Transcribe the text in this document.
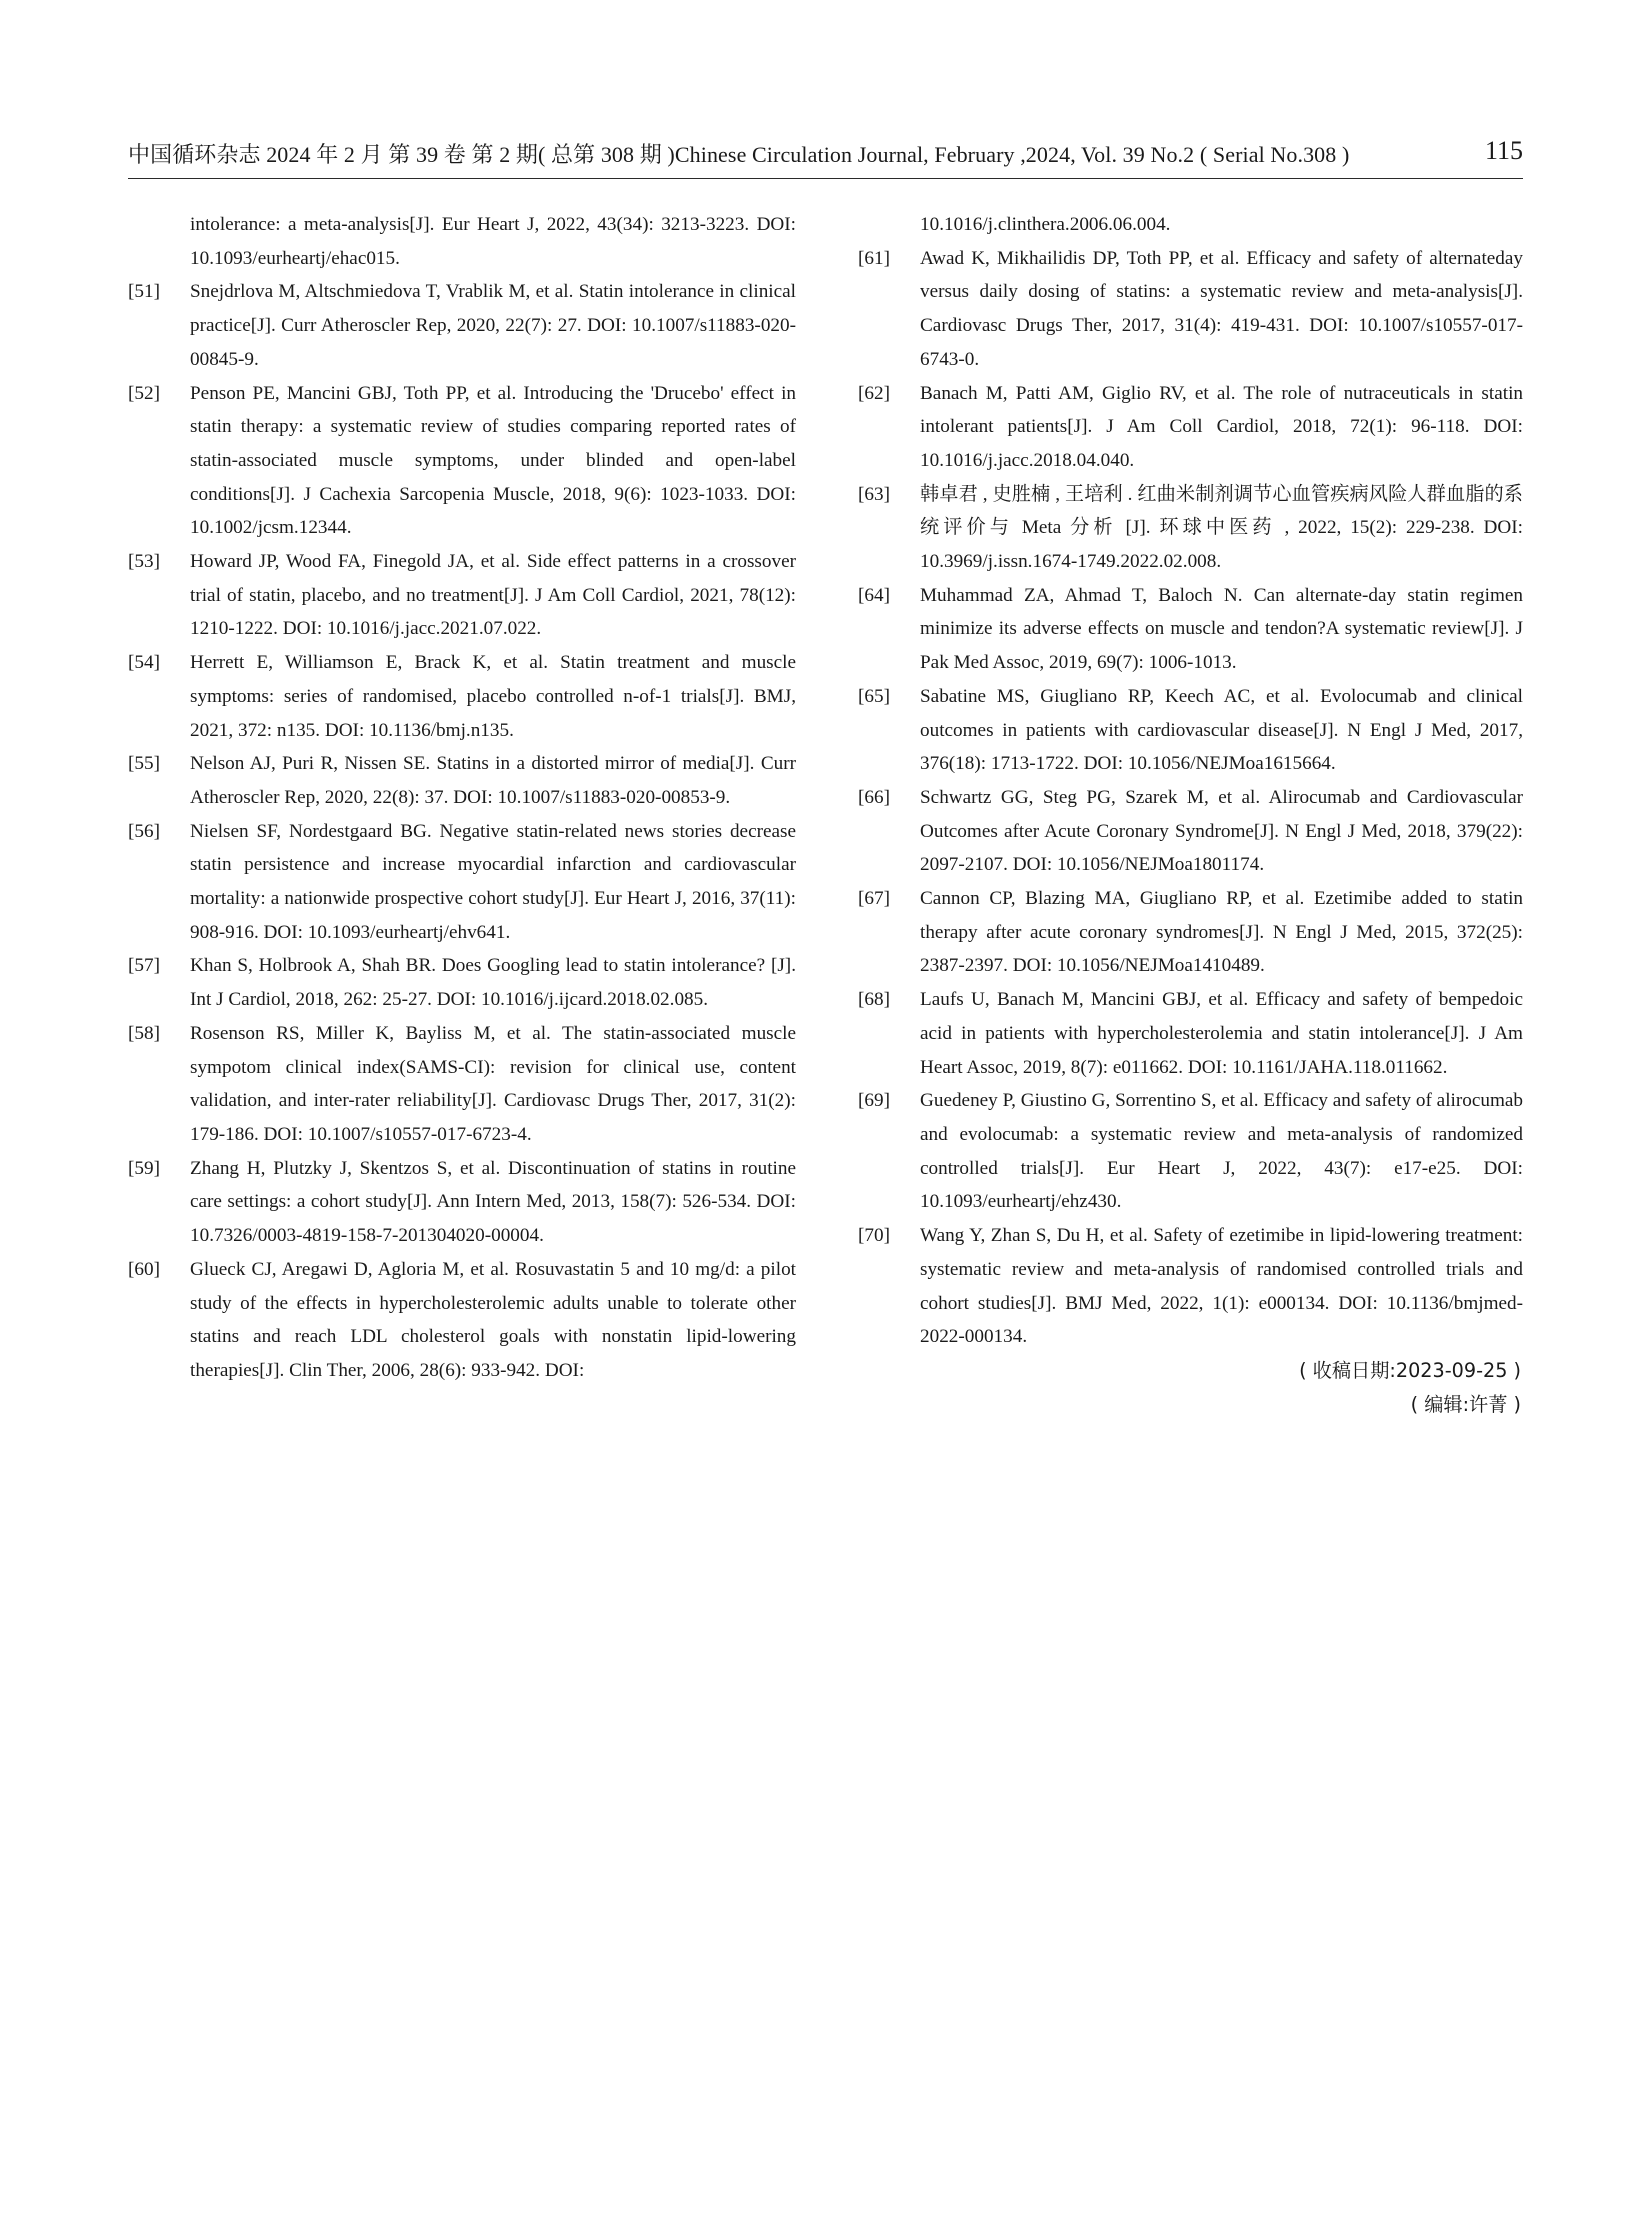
中国循环杂志 2024 年 2 月 第 39 卷 第 2 期( 总第 308 期 )Chinese Circulation Journal, February ,2024, Vol. 39 No.2 ( Serial No.308 )	115
intolerance: a meta-analysis[J]. Eur Heart J, 2022, 43(34): 3213-3223. DOI: 10.1093/eurheartj/ehac015.
[51] Snejdrlova M, Altschmiedova T, Vrablik M, et al. Statin intolerance in clinical practice[J]. Curr Atheroscler Rep, 2020, 22(7): 27. DOI: 10.1007/s11883-020-00845-9.
[52] Penson PE, Mancini GBJ, Toth PP, et al. Introducing the 'Drucebo' effect in statin therapy: a systematic review of studies comparing reported rates of statin-associated muscle symptoms, under blinded and open-label conditions[J]. J Cachexia Sarcopenia Muscle, 2018, 9(6): 1023-1033. DOI: 10.1002/jcsm.12344.
[53] Howard JP, Wood FA, Finegold JA, et al. Side effect patterns in a crossover trial of statin, placebo, and no treatment[J]. J Am Coll Cardiol, 2021, 78(12): 1210-1222. DOI: 10.1016/j.jacc.2021.07.022.
[54] Herrett E, Williamson E, Brack K, et al. Statin treatment and muscle symptoms: series of randomised, placebo controlled n-of-1 trials[J]. BMJ, 2021, 372: n135. DOI: 10.1136/bmj.n135.
[55] Nelson AJ, Puri R, Nissen SE. Statins in a distorted mirror of media[J]. Curr Atheroscler Rep, 2020, 22(8): 37. DOI: 10.1007/s11883-020-00853-9.
[56] Nielsen SF, Nordestgaard BG. Negative statin-related news stories decrease statin persistence and increase myocardial infarction and cardiovascular mortality: a nationwide prospective cohort study[J]. Eur Heart J, 2016, 37(11): 908-916. DOI: 10.1093/eurheartj/ehv641.
[57] Khan S, Holbrook A, Shah BR. Does Googling lead to statin intolerance? [J]. Int J Cardiol, 2018, 262: 25-27. DOI: 10.1016/j.ijcard.2018.02.085.
[58] Rosenson RS, Miller K, Bayliss M, et al. The statin-associated muscle sympotom clinical index(SAMS-CI): revision for clinical use, content validation, and inter-rater reliability[J]. Cardiovasc Drugs Ther, 2017, 31(2): 179-186. DOI: 10.1007/s10557-017-6723-4.
[59] Zhang H, Plutzky J, Skentzos S, et al. Discontinuation of statins in routine care settings: a cohort study[J]. Ann Intern Med, 2013, 158(7): 526-534. DOI: 10.7326/0003-4819-158-7-201304020-00004.
[60] Glueck CJ, Aregawi D, Agloria M, et al. Rosuvastatin 5 and 10 mg/d: a pilot study of the effects in hypercholesterolemic adults unable to tolerate other statins and reach LDL cholesterol goals with nonstatin lipid-lowering therapies[J]. Clin Ther, 2006, 28(6): 933-942. DOI:
10.1016/j.clinthera.2006.06.004.
[61] Awad K, Mikhailidis DP, Toth PP, et al. Efficacy and safety of alternateday versus daily dosing of statins: a systematic review and meta-analysis[J]. Cardiovasc Drugs Ther, 2017, 31(4): 419-431. DOI: 10.1007/s10557-017-6743-0.
[62] Banach M, Patti AM, Giglio RV, et al. The role of nutraceuticals in statin intolerant patients[J]. J Am Coll Cardiol, 2018, 72(1): 96-118. DOI: 10.1016/j.jacc.2018.04.040.
[63] 韩卓君 , 史胜楠 , 王培利 . 红曲米制剂调节心血管疾病风险人群血脂的系统评价与 Meta 分析 [J]. 环球中医药 , 2022, 15(2): 229-238. DOI: 10.3969/j.issn.1674-1749.2022.02.008.
[64] Muhammad ZA, Ahmad T, Baloch N. Can alternate-day statin regimen minimize its adverse effects on muscle and tendon?A systematic review[J]. J Pak Med Assoc, 2019, 69(7): 1006-1013.
[65] Sabatine MS, Giugliano RP, Keech AC, et al. Evolocumab and clinical outcomes in patients with cardiovascular disease[J]. N Engl J Med, 2017, 376(18): 1713-1722. DOI: 10.1056/NEJMoa1615664.
[66] Schwartz GG, Steg PG, Szarek M, et al. Alirocumab and Cardiovascular Outcomes after Acute Coronary Syndrome[J]. N Engl J Med, 2018, 379(22): 2097-2107. DOI: 10.1056/NEJMoa1801174.
[67] Cannon CP, Blazing MA, Giugliano RP, et al. Ezetimibe added to statin therapy after acute coronary syndromes[J]. N Engl J Med, 2015, 372(25): 2387-2397. DOI: 10.1056/NEJMoa1410489.
[68] Laufs U, Banach M, Mancini GBJ, et al. Efficacy and safety of bempedoic acid in patients with hypercholesterolemia and statin intolerance[J]. J Am Heart Assoc, 2019, 8(7): e011662. DOI: 10.1161/JAHA.118.011662.
[69] Guedeney P, Giustino G, Sorrentino S, et al. Efficacy and safety of alirocumab and evolocumab: a systematic review and meta-analysis of randomized controlled trials[J]. Eur Heart J, 2022, 43(7): e17-e25. DOI: 10.1093/eurheartj/ehz430.
[70] Wang Y, Zhan S, Du H, et al. Safety of ezetimibe in lipid-lowering treatment: systematic review and meta-analysis of randomised controlled trials and cohort studies[J]. BMJ Med, 2022, 1(1): e000134. DOI: 10.1136/bmjmed-2022-000134.
( 收稿日期:2023-09-25 )
( 编辑:许菁 )
